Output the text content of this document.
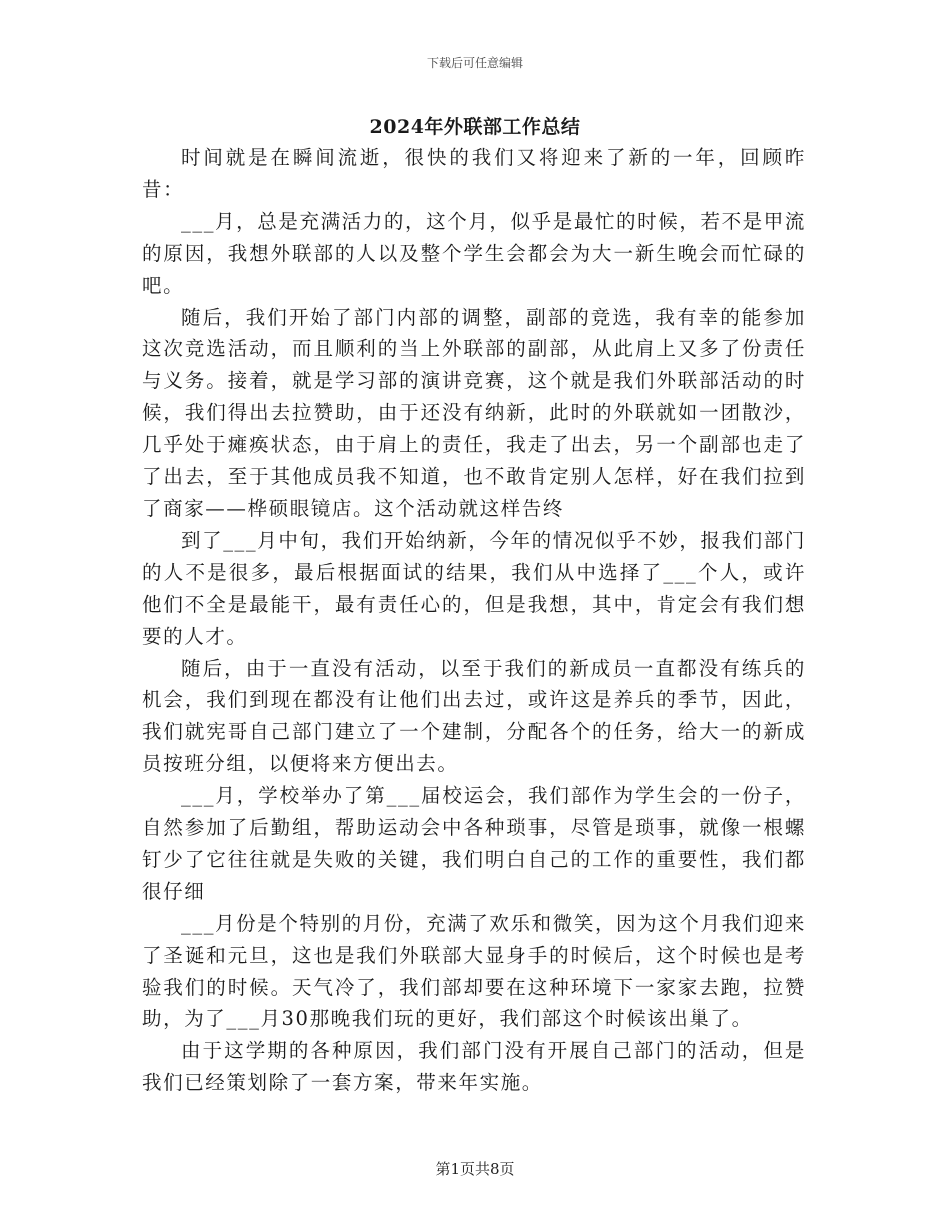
下载后可任意编辑
2024年外联部工作总结

时间就是在瞬间流逝，很快的我们又将迎来了新的一年，回顾昨昔：

___月，总是充满活力的，这个月，似乎是最忙的时候，若不是甲流的原因，我想外联部的人以及整个学生会都会为大一新生晚会而忙碌的吧。

随后，我们开始了部门内部的调整，副部的竞选，我有幸的能参加这次竞选活动，而且顺利的当上外联部的副部，从此肩上又多了份责任与义务。接着，就是学习部的演讲竞赛，这个就是我们外联部活动的时候，我们得出去拉赞助，由于还没有纳新，此时的外联就如一团散沙，几乎处于瘫痪状态，由于肩上的责任，我走了出去，另一个副部也走了了出去，至于其他成员我不知道，也不敢肯定别人怎样，好在我们拉到了商家——桦硕眼镜店。这个活动就这样告终

到了___月中旬，我们开始纳新，今年的情况似乎不妙，报我们部门的人不是很多，最后根据面试的结果，我们从中选择了___个人，或许他们不全是最能干，最有责任心的，但是我想，其中，肯定会有我们想要的人才。

随后，由于一直没有活动，以至于我们的新成员一直都没有练兵的机会，我们到现在都没有让他们出去过，或许这是养兵的季节，因此，我们就宪哥自己部门建立了一个建制，分配各个的任务，给大一的新成员按班分组，以便将来方便出去。

___月，学校举办了第___届校运会，我们部作为学生会的一份子，自然参加了后勤组，帮助运动会中各种琐事，尽管是琐事，就像一根螺钉少了它往往就是失败的关键，我们明白自己的工作的重要性，我们都很仔细

___月份是个特别的月份，充满了欢乐和微笑，因为这个月我们迎来了圣诞和元旦，这也是我们外联部大显身手的时候后，这个时候也是考验我们的时候。天气冷了，我们部却要在这种环境下一家家去跑，拉赞助，为了___月30那晚我们玩的更好，我们部这个时候该出巢了。

由于这学期的各种原因，我们部门没有开展自己部门的活动，但是我们已经策划除了一套方案，带来年实施。

第1页共8页
